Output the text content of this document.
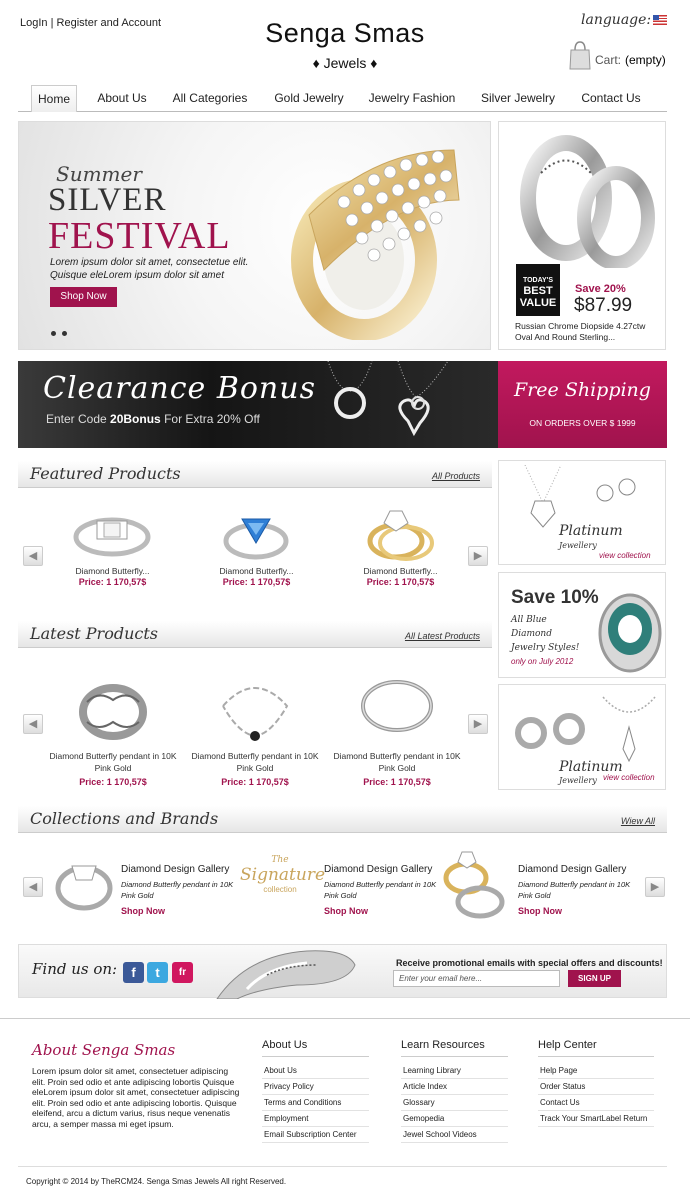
LogIn | Register and Account	Senga Smas
♦ Jewels ♦
language:
Cart: (empty)
Home	About Us	All Categories	Gold Jewelry	Jewelry Fashion	Silver Jewelry	Contact Us
Summer
SILVER
FESTIVAL
Lorem ipsum dolor sit amet, consectetue elit.
Quisque eleLorem ipsum dolor sit amet
Shop Now
TODAY'S
BEST
VALUE
Save 20%
$87.99
Russian Chrome Diopside 4.27ctw Oval And Round Sterling...
Clearance Bonus
Enter Code 20Bonus For Extra 20% Off
Free Shipping
ON ORDERS OVER $ 1999
Featured Products	All Products
◀	▶
Diamond Butterfly...
Price: 1 170,57$
Diamond Butterfly...
Price: 1 170,57$
Diamond Butterfly...
Price: 1 170,57$
Latest Products	All Latest Products
◀	▶
Diamond Butterfly pendant in 10K
Pink Gold
Price: 1 170,57$
Diamond Butterfly pendant in 10K
Pink Gold
Price: 1 170,57$
Diamond Butterfly pendant in 10K
Pink Gold
Price: 1 170,57$
Platinum
Jewellery
view collection
Save 10%
All Blue
Diamond
Jewelry Styles!
only on July 2012
Platinum
Jewellery view collection
Collections and Brands	Wiew All
◀	▶
Diamond Design Gallery
Diamond Butterfly pendant in 10K
Pink Gold
Shop Now
The
Signature
collection
Diamond Design Gallery
Diamond Butterfly pendant in 10K
Pink Gold
Shop Now
Diamond Design Gallery
Diamond Butterfly pendant in 10K
Pink Gold
Shop Now
Find us on:	f	t	fr
Receive promotional emails with special offers and discounts!
Enter your email here...	SIGN UP
About Senga Smas
Lorem ipsum dolor sit amet, consectetuer adipiscing elit. Proin sed odio et ante adipiscing lobortis Quisque eleLorem ipsum dolor sit amet, consectetuer adipiscing elit. Proin sed odio et ante adipiscing lobortis. Quisque eleifend, arcu a dictum varius, risus neque venenatis arcu, a semper massa mi eget ipsum.
About Us
About Us
Privacy Policy
Terms and Conditions
Employment
Email Subscription Center
Learn Resources
Learning Library
Article Index
Glossary
Gemopedia
Jewel School Videos
Help Center
Help Page
Order Status
Contact Us
Track Your SmartLabel Return
Copyright © 2014 by TheRCM24. Senga Smas Jewels All right Reserved.
